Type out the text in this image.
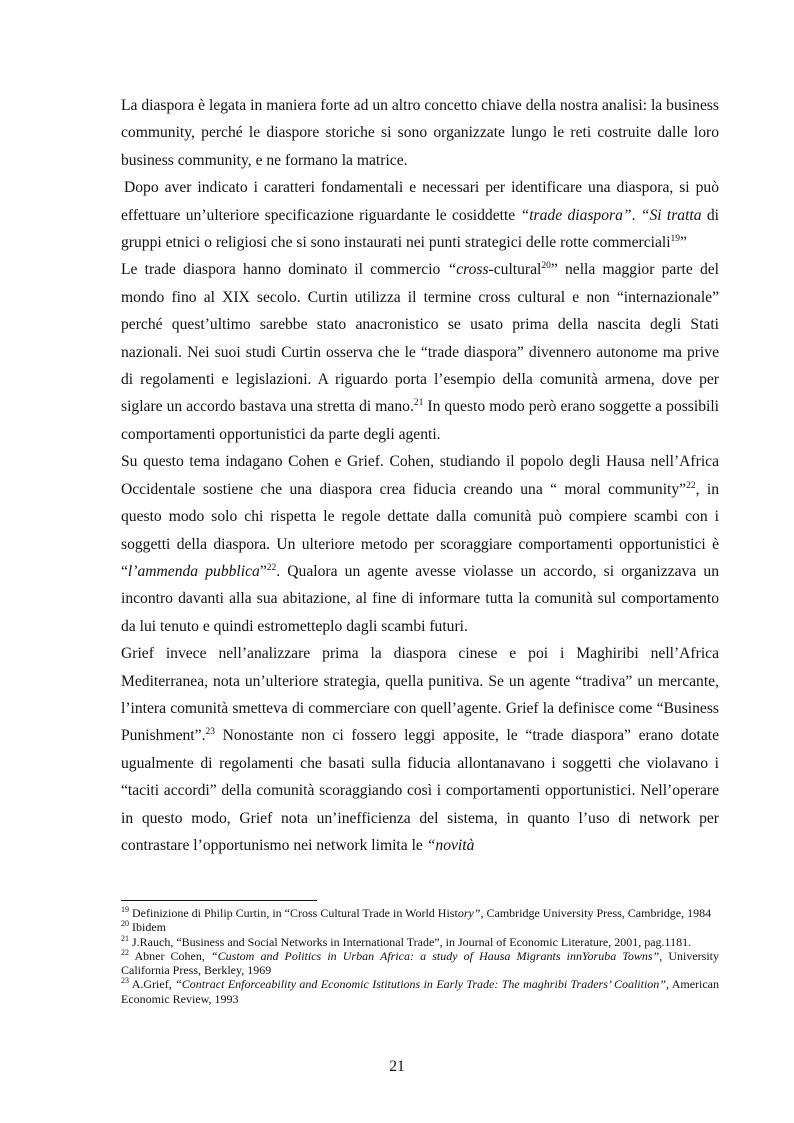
La diaspora è legata in maniera forte ad un altro concetto chiave della nostra analisi: la business community, perché le diaspore storiche si sono organizzate lungo le reti costruite dalle loro business community, e ne formano la matrice.

Dopo aver indicato i caratteri fondamentali e necessari per identificare una diaspora, si può effettuare un’ulteriore specificazione riguardante le cosiddette “trade diaspora”. “Si tratta di gruppi etnici o religiosi che si sono instaurati nei punti strategici delle rotte commerciali$^{19}$”

Le trade diaspora hanno dominato il commercio “cross-cultural$^{20}$” nella maggior parte del mondo fino al XIX secolo. Curtin utilizza il termine cross cultural e non “internazionale” perché quest’ultimo sarebbe stato anacronistico se usato prima della nascita degli Stati nazionali. Nei suoi studi Curtin osserva che le “trade diaspora” divennero autonome ma prive di regolamenti e legislazioni. A riguardo porta l’esempio della comunità armena, dove per siglare un accordo bastava una stretta di mano.$^{21}$ In questo modo però erano soggette a possibili comportamenti opportunistici da parte degli agenti.

Su questo tema indagano Cohen e Grief. Cohen, studiando il popolo degli Hausa nell’Africa Occidentale sostiene che una diaspora crea fiducia creando una “ moral community”$^{22}$, in questo modo solo chi rispetta le regole dettate dalla comunità può compiere scambi con i soggetti della diaspora. Un ulteriore metodo per scoraggiare comportamenti opportunistici è “l’ammenda pubblica”$^{22}$. Qualora un agente avesse violasse un accordo, si organizzava un incontro davanti alla sua abitazione, al fine di informare tutta la comunità sul comportamento da lui tenuto e quindi estromettерlo dagli scambi futuri.

Grief invece nell’analizzare prima la diaspora cinese e poi i Maghiribi nell’Africa Mediterranea, nota un’ulteriore strategia, quella punitiva. Se un agente “tradiva” un mercante, l’intera comunità smetteva di commerciare con quell’agente. Grief la definisce come “Business Punishment”.$^{23}$ Nonostante non ci fossero leggi apposite, le “trade diaspora” erano dotate ugualmente di regolamenti che basati sulla fiducia allontanavano i soggetti che violavano i “taciti accordi” della comunità scoraggiando così i comportamenti opportunistici. Nell’operare in questo modo, Grief nota un’inefficienza del sistema, in quanto l’uso di network per contrastare l’opportunismo nei network limita le “novità

$^{19}$ Definizione di Philip Curtin, in “Cross Cultural Trade in World History”, Cambridge University Press, Cambridge, 1984

$^{20}$ Ibidem

$^{21}$ J.Rauch, “Business and Social Networks in International Trade”, in Journal of Economic Literature, 2001, pag.1181.

$^{22}$ Abner Cohen, “Custom and Politics in Urban Africa: a study of Hausa Migrants innYoruba Towns”, University California Press, Berkley, 1969

$^{23}$ A.Grief, “Contract Enforceability and Economic Istitutions in Early Trade: The maghribi Traders’ Coalition”, American Economic Review, 1993

21
